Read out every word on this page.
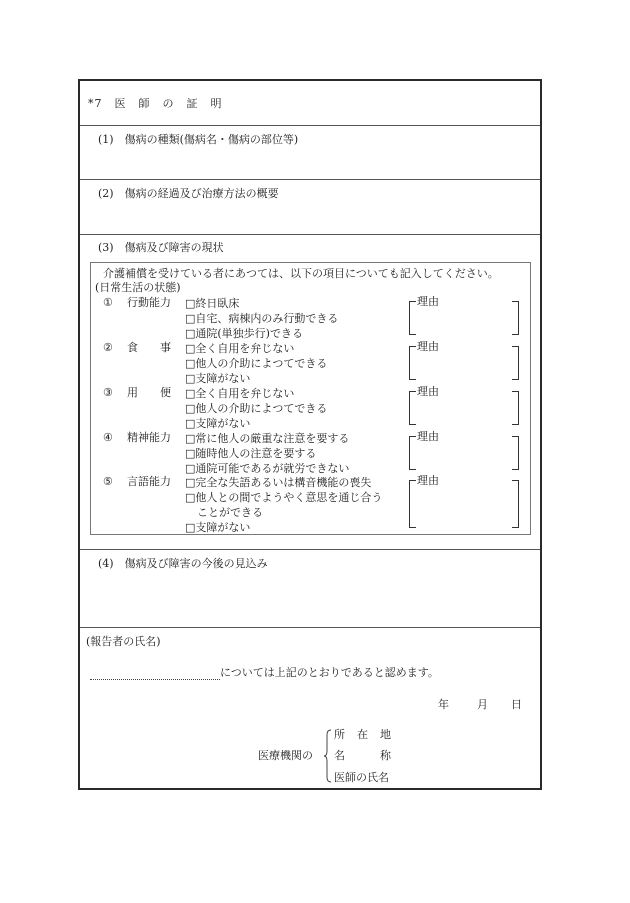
*7　医　師　の　証　明
(1)　傷病の種類(傷病名・傷病の部位等)
(2)　傷病の経過及び治療方法の概要
(3)　傷病及び障害の現状
介護補償を受けている者にあつては、以下の項目についても記入してください。
(日常生活の状態)
① 行動能力 □終日臥床
□自宅、病棟内のみ行動できる
□通院(単独歩行)できる
理由
② 食　　事 □全く自用を弁じない
□他人の介助によつてできる
□支障がない
理由
③ 用　　便 □全く自用を弁じない
□他人の介助によつてできる
□支障がない
理由
④ 精神能力 □常に他人の厳重な注意を要する
□随時他人の注意を要する
□通院可能であるが就労できない
理由
⑤ 言語能力 □完全な失語あるいは構音機能の喪失
□他人との間でようやく意思を通じ合う
ことができる
□支障がない
理由
(4)　傷病及び障害の今後の見込み
(報告者の氏名)
については上記のとおりであると認めます。
年	月 日
医療機関の
所　在　地
名　　　称
医師の氏名
